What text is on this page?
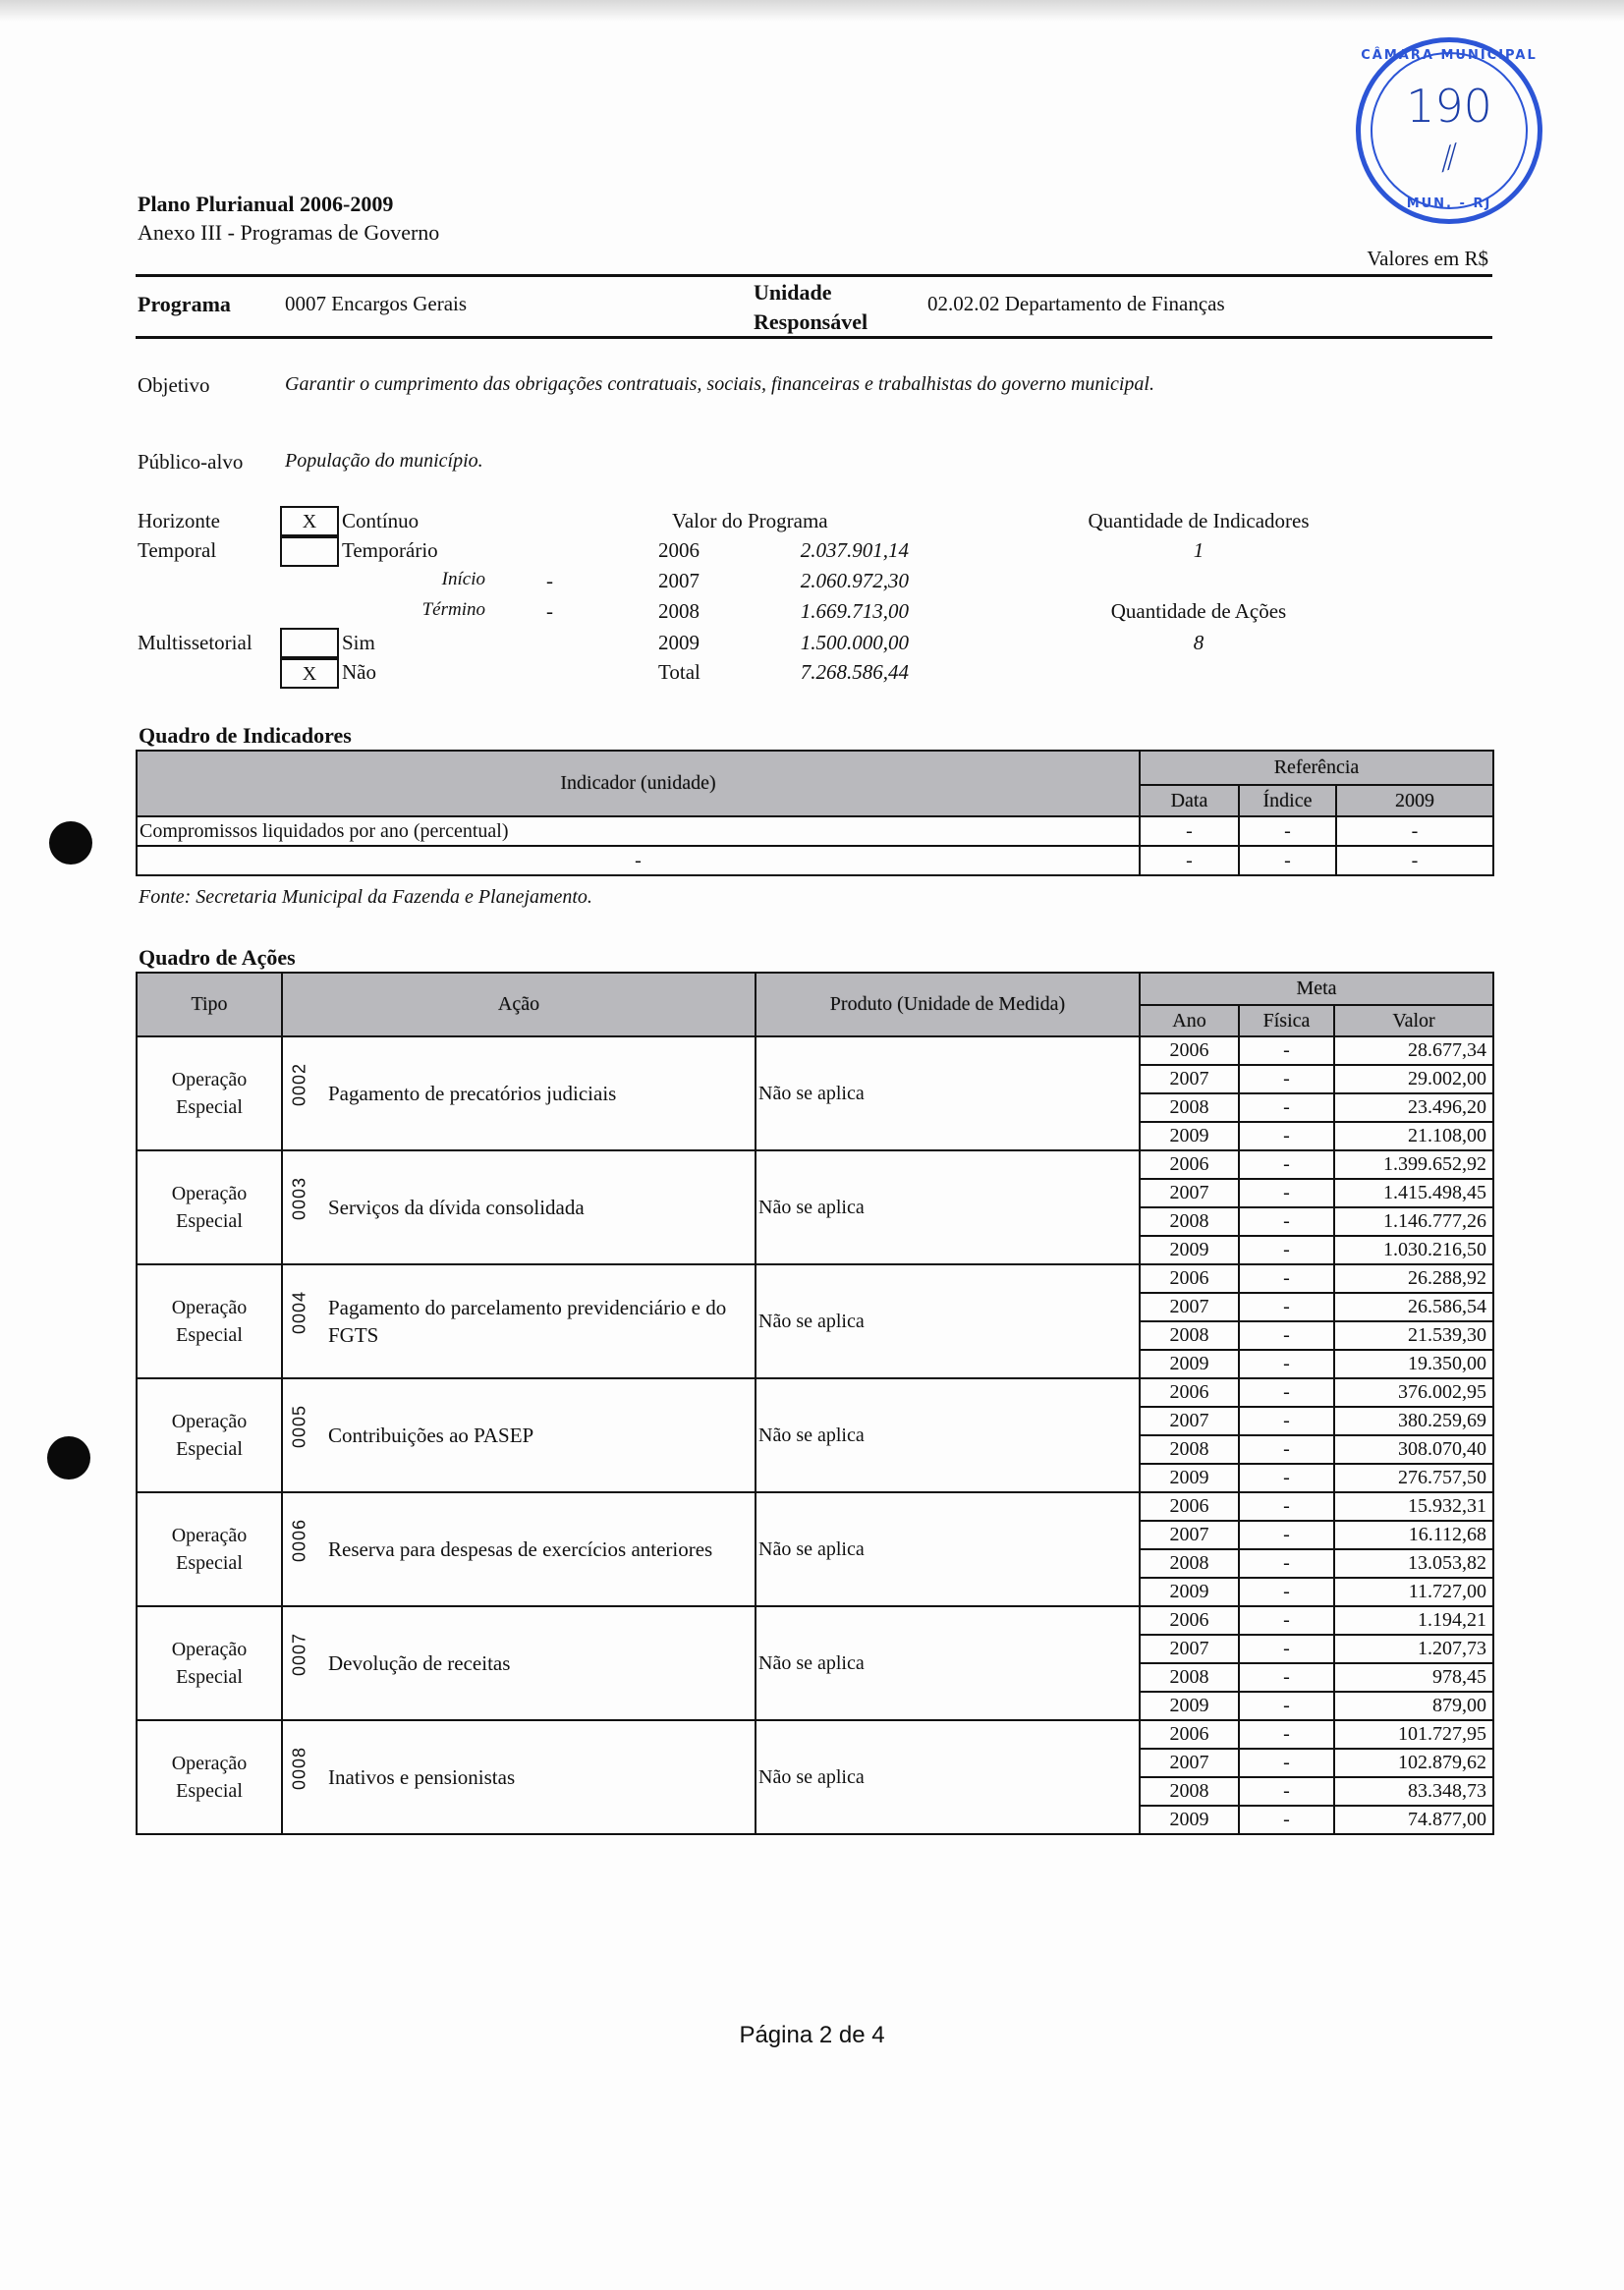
CÂMARA MUNICIPAL
190
⁄⁄
MUN. - RJ
Plano Plurianual 2006-2009
Anexo III - Programas de Governo
Valores em R$
Programa	0007 Encargos Gerais	Unidade
Responsável
02.02.02 Departamento de Finanças
Objetivo	Garantir o cumprimento das obrigações contratuais, sociais, financeiras e trabalhistas do governo municipal.
Público-alvo População do município.
Horizonte
Temporal
X	Contínuo
Temporário
Início	-
Término	-
Multissetorial	Sim
X	Não
Valor do Programa
2006	2.037.901,14
2007	2.060.972,30
2008	1.669.713,00
2009	1.500.000,00
Total	7.268.586,44
Quantidade de Indicadores
1
Quantidade de Ações
8
Quadro de Indicadores
Indicador (unidade)	Referência		
	Data	Índice	2009
Compromissos liquidados por ano (percentual)	-	-	-
-	-	-	-
Fonte: Secretaria Municipal da Fazenda e Planejamento.
Quadro de Ações
Tipo	Ação	Produto (Unidade de Medida)	Meta		
			Ano	Física	Valor
Operação Especial	0002 Pagamento de precatórios judiciais	Não se aplica	2006	-	28.677,34
			2007	-	29.002,00
			2008	-	23.496,20
			2009	-	21.108,00
Operação Especial	0003 Serviços da dívida consolidada	Não se aplica	2006	-	1.399.652,92
			2007	-	1.415.498,45
			2008	-	1.146.777,26
			2009	-	1.030.216,50
Operação Especial	0004 Pagamento do parcelamento previdenciário e do FGTS	Não se aplica	2006	-	26.288,92
			2007	-	26.586,54
			2008	-	21.539,30
			2009	-	19.350,00
Operação Especial	0005 Contribuições ao PASEP	Não se aplica	2006	-	376.002,95
			2007	-	380.259,69
			2008	-	308.070,40
			2009	-	276.757,50
Operação Especial	0006 Reserva para despesas de exercícios anteriores	Não se aplica	2006	-	15.932,31
			2007	-	16.112,68
			2008	-	13.053,82
			2009	-	11.727,00
Operação Especial	0007 Devolução de receitas	Não se aplica	2006	-	1.194,21
			2007	-	1.207,73
			2008	-	978,45
			2009	-	879,00
Operação Especial	0008 Inativos e pensionistas	Não se aplica	2006	-	101.727,95
			2007	-	102.879,62
			2008	-	83.348,73
			2009	-	74.877,00
Página 2 de 4
